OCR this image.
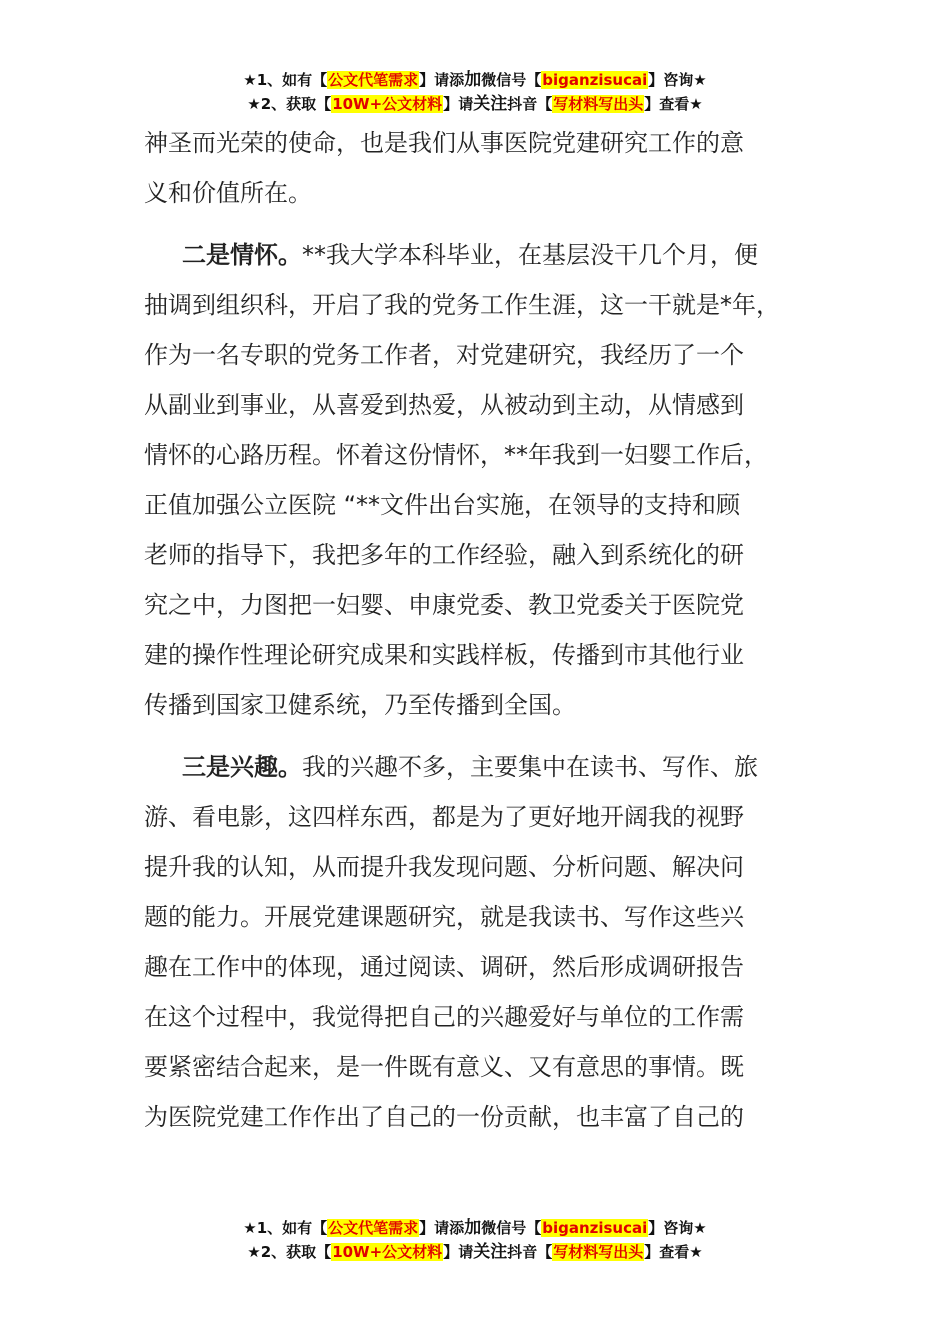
★1、如有【公文代笔需求】请添加微信号【biganzisucai】咨询★
★2、获取【10W+公文材料】请关注抖音【写材料写出头】查看★
神圣而光荣的使命，也是我们从事医院党建研究工作的意
义和价值所在。
二是情怀。**我大学本科毕业，在基层没干几个月，便
抽调到组织科，开启了我的党务工作生涯，这一干就是*年，
作为一名专职的党务工作者，对党建研究，我经历了一个
从副业到事业，从喜爱到热爱，从被动到主动，从情感到
情怀的心路历程。怀着这份情怀，**年我到一妇婴工作后，
正值加强公立医院 “**文件出台实施，在领导的支持和顾
老师的指导下，我把多年的工作经验，融入到系统化的研
究之中，力图把一妇婴、申康党委、教卫党委关于医院党
建的操作性理论研究成果和实践样板，传播到市其他行业
传播到国家卫健系统，乃至传播到全国。
三是兴趣。我的兴趣不多，主要集中在读书、写作、旅
游、看电影，这四样东西，都是为了更好地开阔我的视野
提升我的认知，从而提升我发现问题、分析问题、解决问
题的能力。开展党建课题研究，就是我读书、写作这些兴
趣在工作中的体现，通过阅读、调研，然后形成调研报告
在这个过程中，我觉得把自己的兴趣爱好与单位的工作需
要紧密结合起来，是一件既有意义、又有意思的事情。既
为医院党建工作作出了自己的一份贡献，也丰富了自己的
★1、如有【公文代笔需求】请添加微信号【biganzisucai】咨询★
★2、获取【10W+公文材料】请关注抖音【写材料写出头】查看★
